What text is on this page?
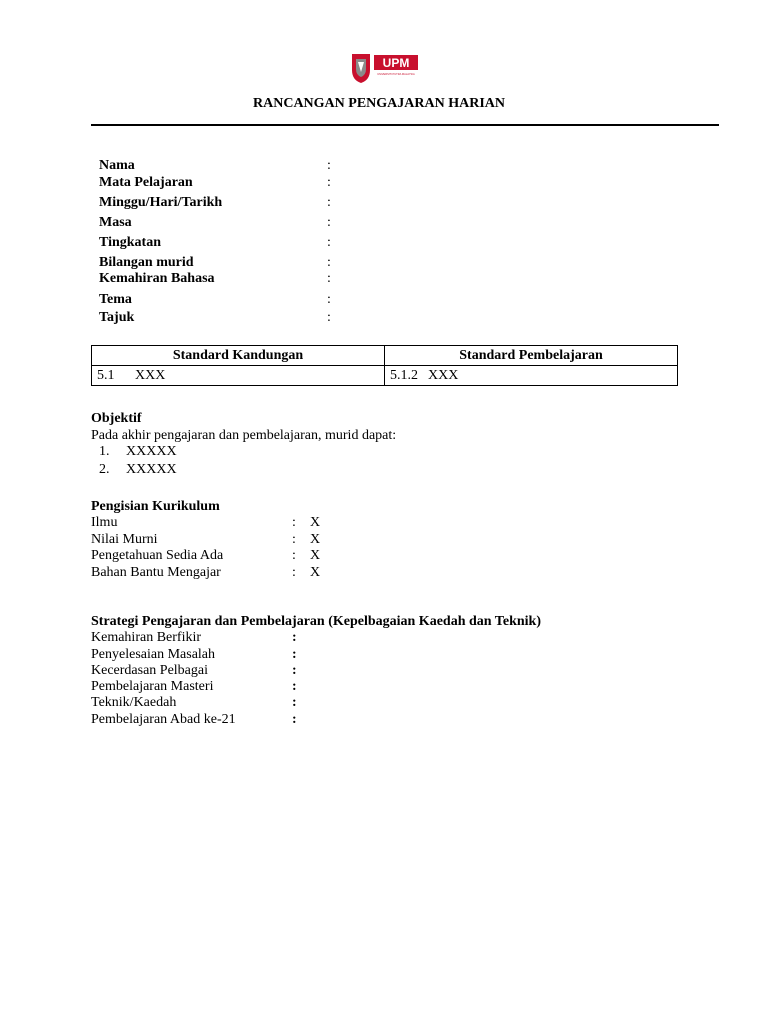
UPM
UNIVERSITI PUTRA MALAYSIA
RANCANGAN PENGAJARAN HARIAN
Nama	:
Mata Pelajaran	:
Minggu/Hari/Tarikh	:
Masa	:
Tingkatan	:
Bilangan murid	:
Kemahiran Bahasa	:
Tema	:
Tajuk	:
Standard Kandungan	Standard Pembelajaran
5.1 XXX	5.1.2 XXX
Objektif
Pada akhir pengajaran dan pembelajaran, murid dapat:
1. XXXXX
2. XXXXX
Pengisian Kurikulum
Ilmu	: X
Nilai Murni	: X
Pengetahuan Sedia Ada	: X
Bahan Bantu Mengajar	: X
Strategi Pengajaran dan Pembelajaran (Kepelbagaian Kaedah dan Teknik)
Kemahiran Berfikir	:
Penyelesaian Masalah	:
Kecerdasan Pelbagai	:
Pembelajaran Masteri	:
Teknik/Kaedah	:
Pembelajaran Abad ke-21	:
